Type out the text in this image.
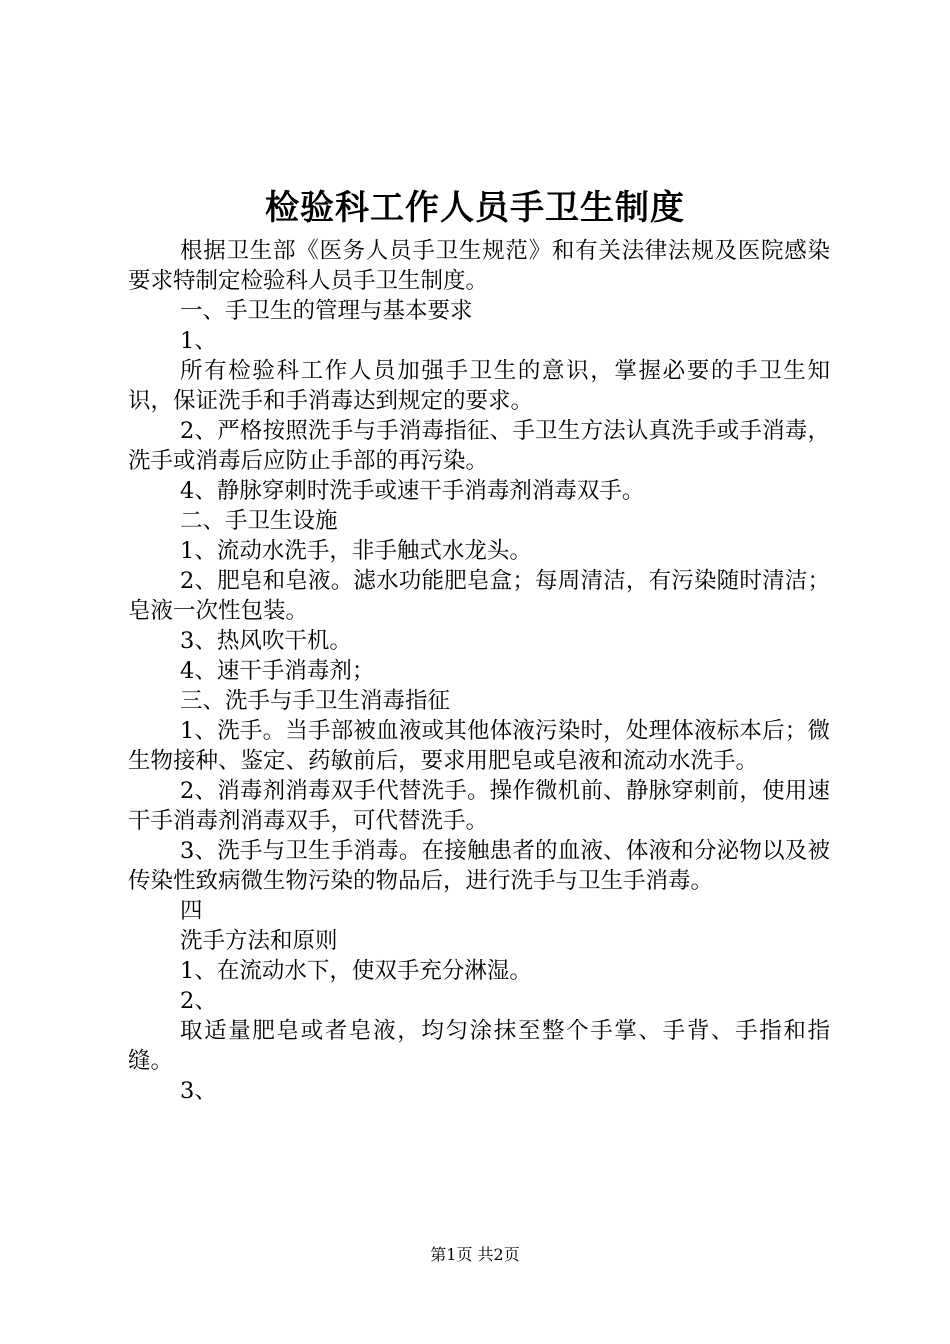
检验科工作人员手卫生制度

根据卫生部《医务人员手卫生规范》和有关法律法规及医院感染要求特制定检验科人员手卫生制度。

一、手卫生的管理与基本要求

1、

所有检验科工作人员加强手卫生的意识，掌握必要的手卫生知识，保证洗手和手消毒达到规定的要求。

2、严格按照洗手与手消毒指征、手卫生方法认真洗手或手消毒，洗手或消毒后应防止手部的再污染。

4、静脉穿刺时洗手或速干手消毒剂消毒双手。

二、手卫生设施

1、流动水洗手，非手触式水龙头。

2、肥皂和皂液。滤水功能肥皂盒；每周清洁，有污染随时清洁；皂液一次性包装。

3、热风吹干机。

4、速干手消毒剂；

三、洗手与手卫生消毒指征

1、洗手。当手部被血液或其他体液污染时，处理体液标本后；微生物接种、鉴定、药敏前后，要求用肥皂或皂液和流动水洗手。

2、消毒剂消毒双手代替洗手。操作微机前、静脉穿刺前，使用速干手消毒剂消毒双手，可代替洗手。

3、洗手与卫生手消毒。在接触患者的血液、体液和分泌物以及被传染性致病微生物污染的物品后，进行洗手与卫生手消毒。

四

洗手方法和原则

1、在流动水下，使双手充分淋湿。

2、

取适量肥皂或者皂液，均匀涂抹至整个手掌、手背、手指和指缝。

3、

第1页 共2页
